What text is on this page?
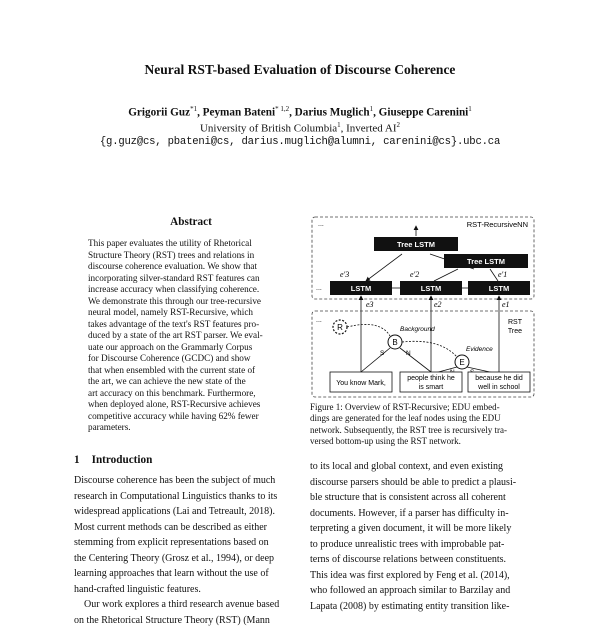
Neural RST-based Evaluation of Discourse Coherence
Grigorii Guz$^{*1}$, Peyman Bateni$^{* 1,2}$, Darius Muglich$^1$, Giuseppe Carenini$^1$
University of British Columbia$^1$, Inverted $AI^2$
{g.guz@cs, pbateni@cs, darius.muglich@alumni, carenini@cs}.ubc.ca
Abstract
This paper evaluates the utility of Rhetorical
Structure Theory (RST) trees and relations in
discourse coherence evaluation. We show that
incorporating silver-standard RST features can
increase accuracy when classifying coherence.
We demonstrate this through our tree-recursive
neural model, namely RST-Recursive, which
takes advantage of the text's RST features pro-
duced by a state of the art RST parser. We eval-
uate our approach on the Grammarly Corpus
for Discourse Coherence (GCDC) and show
that when ensembled with the current state of
the art, we can achieve the new state of the
art accuracy on this benchmark. Furthermore,
when deployed alone, RST-Recursive achieves
competitive accuracy while having 62% fewer
parameters.
1 Introduction
Discourse coherence has been the subject of much
research in Computational Linguistics thanks to its
widespread applications (Lai and Tetreault, 2018).
Most current methods can be described as either
stemming from explicit representations based on
the Centering Theory (Grosz et al., 1994), or deep
learning approaches that learn without the use of
hand-crafted linguistic features.
Our work explores a third research avenue based
on the Rhetorical Structure Theory (RST) (Mann
RST-RecursiveNN
...
Tree LSTM
Tree LSTM
e'3	e'2	e'1
...	LSTM	LSTM	LSTM
e3	e2	e1
...	RST
Tree
R
B
Background
E
Evidence
S	N
You know Mark,
people think he
is smart
because he did
well in school
Figure 1: Overview of RST-Recursive; EDU embed-
dings are generated for the leaf nodes using the EDU
network. Subsequently, the RST tree is recursively tra-
versed bottom-up using the RST network.
to its local and global context, and even existing
discourse parsers should be able to predict a plausi-
ble structure that is consistent across all coherent
documents. However, if a parser has difficulty in-
terpreting a given document, it will be more likely
to produce unrealistic trees with improbable pat-
terns of discourse relations between constituents.
This idea was first explored by Feng et al. (2014),
who followed an approach similar to Barzilay and
Lapata (2008) by estimating entity transition like-
